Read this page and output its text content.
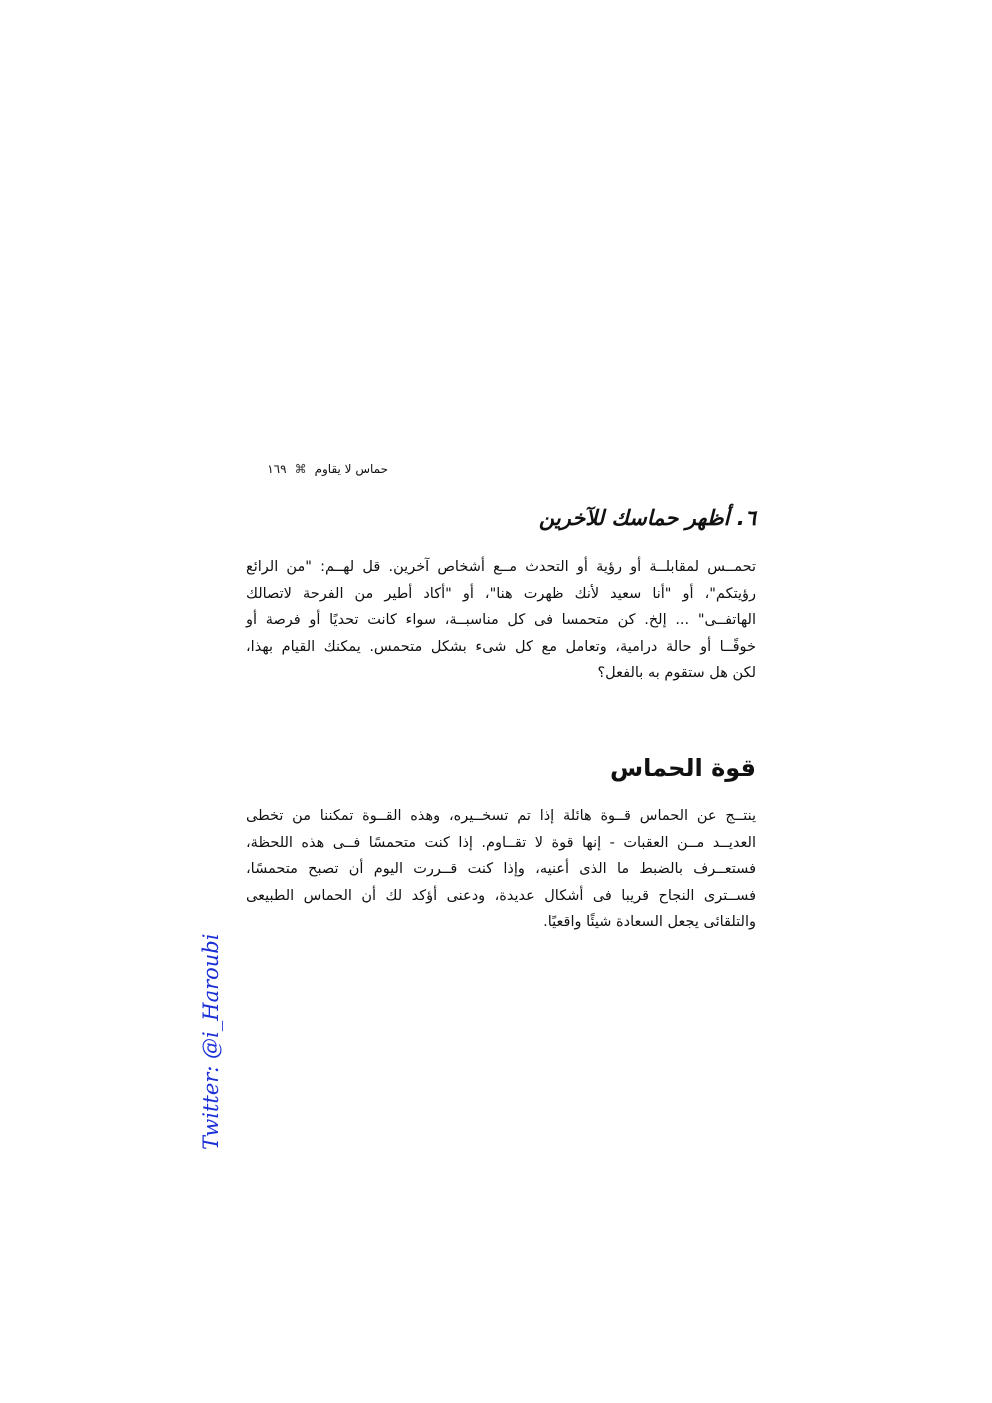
حماس لا يقاوم
⌘
١٦٩
٦. أظهر حماسك للآخرين

تحمــس لمقابلــة أو رؤية أو التحدث مــع أشخاص آخرين. قل لهــم: "من الرائع
رؤيتكم"، أو "أنا سعيد لأنك ظهرت هنا"، أو "أكاد أطير من الفرحة لاتصالك
الهاتفــى" ... إلخ. كن متحمسا فى كل مناسبــة، سواء كانت تحديًا أو فرصة أو
خوفًــا أو حالة درامية، وتعامل مع كل شىء بشكل متحمس. يمكنك القيام بهذا،
لكن هل ستقوم به بالفعل؟

قوة الحماس

ينتــج عن الحماس قــوة هائلة إذا تم تسخــيره، وهذه القــوة تمكننا من تخطى
العديــد مــن العقبات - إنها قوة لا تقــاوم. إذا كنت متحمسًا فــى هذه اللحظة،
فستعــرف بالضبط ما الذى أعنيه، وإذا كنت قــررت اليوم أن تصبح متحمسًا،
فســترى النجاح قريبا فى أشكال عديدة، ودعنى أؤكد لك أن الحماس الطبيعى
والتلقائى يجعل السعادة شيئًا واقعيًا.

Twitter: @i_Haroubi
